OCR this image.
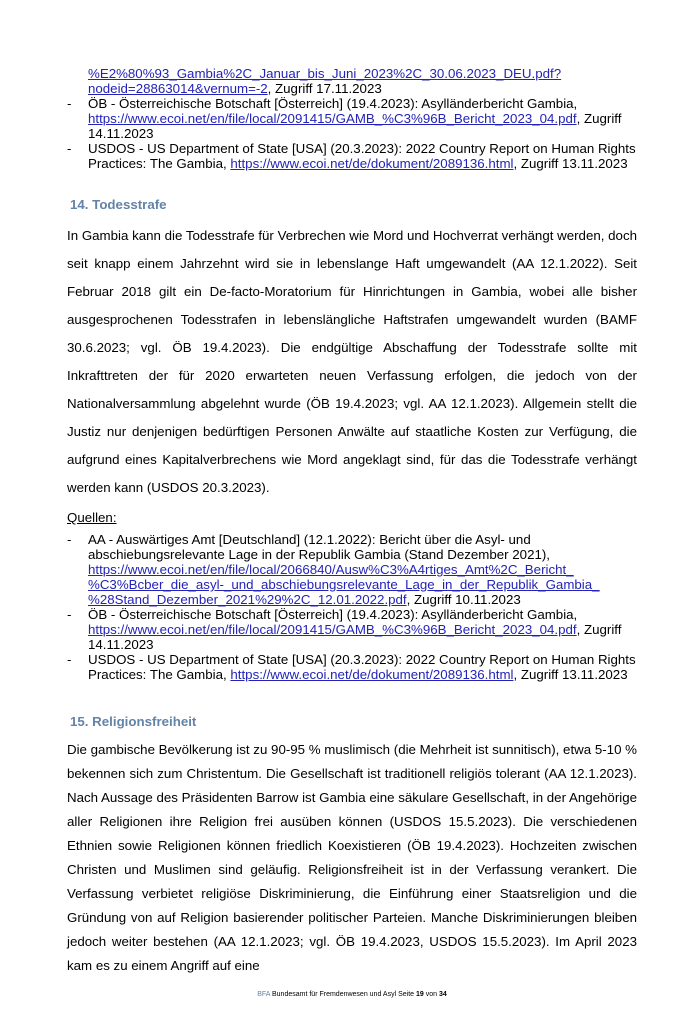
%E2%80%93_Gambia%2C_Januar_bis_Juni_2023%2C_30.06.2023_DEU.pdf?
nodeid=28863014&vernum=-2, Zugriff 17.11.2023
- ÖB - Österreichische Botschaft [Österreich] (19.4.2023): Asylländerbericht Gambia, https://www.ecoi.net/en/file/local/2091415/GAMB_%C3%96B_Bericht_2023_04.pdf, Zugriff 14.11.2023
- USDOS - US Department of State [USA] (20.3.2023): 2022 Country Report on Human Rights Practices: The Gambia, https://www.ecoi.net/de/dokument/2089136.html, Zugriff 13.11.2023
14. Todesstrafe

In Gambia kann die Todesstrafe für Verbrechen wie Mord und Hochverrat verhängt werden, doch seit knapp einem Jahrzehnt wird sie in lebenslange Haft umgewandelt (AA 12.1.2022). Seit Februar 2018 gilt ein De-facto-Moratorium für Hinrichtungen in Gambia, wobei alle bisher ausgesprochenen Todesstrafen in lebenslängliche Haftstrafen umgewandelt wurden (BAMF 30.6.2023; vgl. ÖB 19.4.2023). Die endgültige Abschaffung der Todesstrafe sollte mit Inkrafttreten der für 2020 erwarteten neuen Verfassung erfolgen, die jedoch von der Nationalversammlung abgelehnt wurde (ÖB 19.4.2023; vgl. AA 12.1.2023). Allgemein stellt die Justiz nur denjenigen bedürftigen Personen Anwälte auf staatliche Kosten zur Verfügung, die aufgrund eines Kapitalverbrechens wie Mord angeklagt sind, für das die Todesstrafe verhängt werden kann (USDOS 20.3.2023).

Quellen:
- AA - Auswärtiges Amt [Deutschland] (12.1.2022): Bericht über die Asyl- und abschiebungsrelevante Lage in der Republik Gambia (Stand Dezember 2021), https://www.ecoi.net/en/file/local/2066840/Ausw%C3%A4rtiges_Amt%2C_Bericht_
%C3%Bcber_die_asyl-_und_abschiebungsrelevante_Lage_in_der_Republik_Gambia_
%28Stand_Dezember_2021%29%2C_12.01.2022.pdf, Zugriff 10.11.2023
- ÖB - Österreichische Botschaft [Österreich] (19.4.2023): Asylländerbericht Gambia, https://www.ecoi.net/en/file/local/2091415/GAMB_%C3%96B_Bericht_2023_04.pdf, Zugriff 14.11.2023
- USDOS - US Department of State [USA] (20.3.2023): 2022 Country Report on Human Rights Practices: The Gambia, https://www.ecoi.net/de/dokument/2089136.html, Zugriff 13.11.2023
15. Religionsfreiheit

Die gambische Bevölkerung ist zu 90-95 % muslimisch (die Mehrheit ist sunnitisch), etwa 5-10 % bekennen sich zum Christentum. Die Gesellschaft ist traditionell religiös tolerant (AA 12.1.2023). Nach Aussage des Präsidenten Barrow ist Gambia eine säkulare Gesellschaft, in der Angehörige aller Religionen ihre Religion frei ausüben können (USDOS 15.5.2023). Die verschiedenen Ethnien sowie Religionen können friedlich Koexistieren (ÖB 19.4.2023). Hochzeiten zwischen Christen und Muslimen sind geläufig. Religionsfreiheit ist in der Verfassung verankert. Die Verfassung verbietet religiöse Diskriminierung, die Einführung einer Staatsreligion und die Gründung von auf Religion basierender politischer Parteien. Manche Diskriminierungen bleiben jedoch weiter bestehen (AA 12.1.2023; vgl. ÖB 19.4.2023, USDOS 15.5.2023). Im April 2023 kam es zu einem Angriff auf eine

BFA Bundesamt für Fremdenwesen und Asyl Seite 19 von 34
